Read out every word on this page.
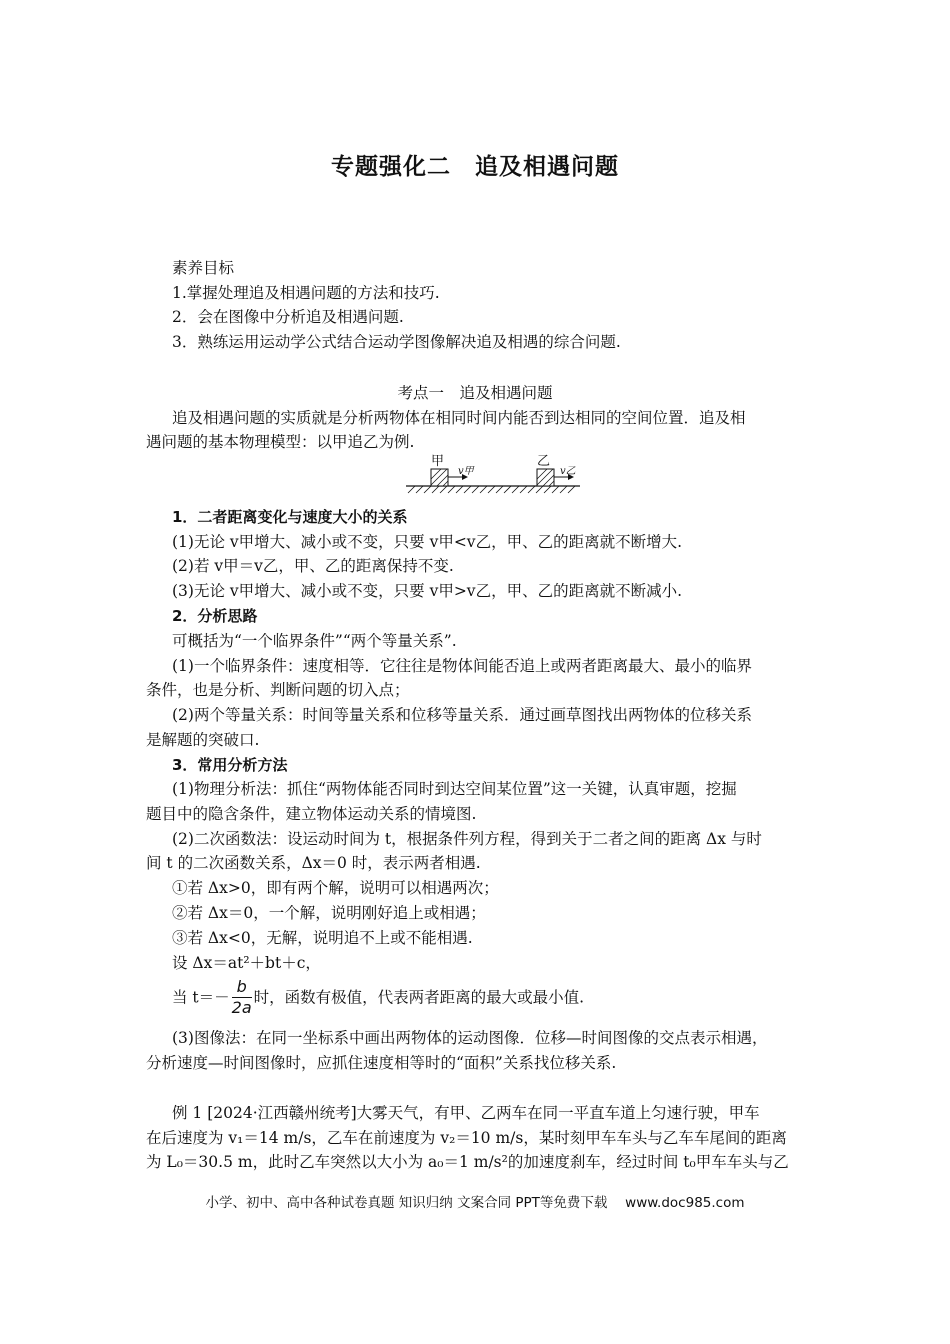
专题强化二　追及相遇问题
素养目标
1.掌握处理追及相遇问题的方法和技巧.
2．会在图像中分析追及相遇问题.
3．熟练运用运动学公式结合运动学图像解决追及相遇的综合问题.
考点一　追及相遇问题
追及相遇问题的实质就是分析两物体在相同时间内能否到达相同的空间位置．追及相
遇问题的基本物理模型：以甲追乙为例.
甲
v甲
乙
v乙
1．二者距离变化与速度大小的关系
(1)无论 v甲增大、减小或不变，只要 v甲<v乙，甲、乙的距离就不断增大.
(2)若 v甲＝v乙，甲、乙的距离保持不变.
(3)无论 v甲增大、减小或不变，只要 v甲>v乙，甲、乙的距离就不断减小.
2．分析思路
可概括为“一个临界条件”“两个等量关系”.
(1)一个临界条件：速度相等．它往往是物体间能否追上或两者距离最大、最小的临界
条件，也是分析、判断问题的切入点；
(2)两个等量关系：时间等量关系和位移等量关系．通过画草图找出两物体的位移关系
是解题的突破口.
3．常用分析方法
(1)物理分析法：抓住“两物体能否同时到达空间某位置”这一关键，认真审题，挖掘
题目中的隐含条件，建立物体运动关系的情境图.
(2)二次函数法：设运动时间为 t，根据条件列方程，得到关于二者之间的距离 Δx 与时
间 t 的二次函数关系，Δx＝0 时，表示两者相遇.
①若 Δx>0，即有两个解，说明可以相遇两次；
②若 Δx＝0，一个解，说明刚好追上或相遇；
③若 Δx<0，无解，说明追不上或不能相遇.
设 Δx＝at²＋bt＋c，
当 $t=- \frac{b}{2a}$ 时，函数有极值，代表两者距离的最大或最小值.
(3)图像法：在同一坐标系中画出两物体的运动图像．位移—时间图像的交点表示相遇，
分析速度—时间图像时，应抓住速度相等时的“面积”关系找位移关系.
例 1 [2024·江西赣州统考]大雾天气，有甲、乙两车在同一平直车道上匀速行驶，甲车
在后速度为 v₁＝14 m/s，乙车在前速度为 v₂＝10 m/s，某时刻甲车车头与乙车车尾间的距离
为 L₀＝30.5 m，此时乙车突然以大小为 a₀＝1 m/s²的加速度刹车，经过时间 t₀甲车车头与乙
小学、初中、高中各种试卷真题 知识归纳 文案合同 PPT等免费下载　 www.doc985.com
